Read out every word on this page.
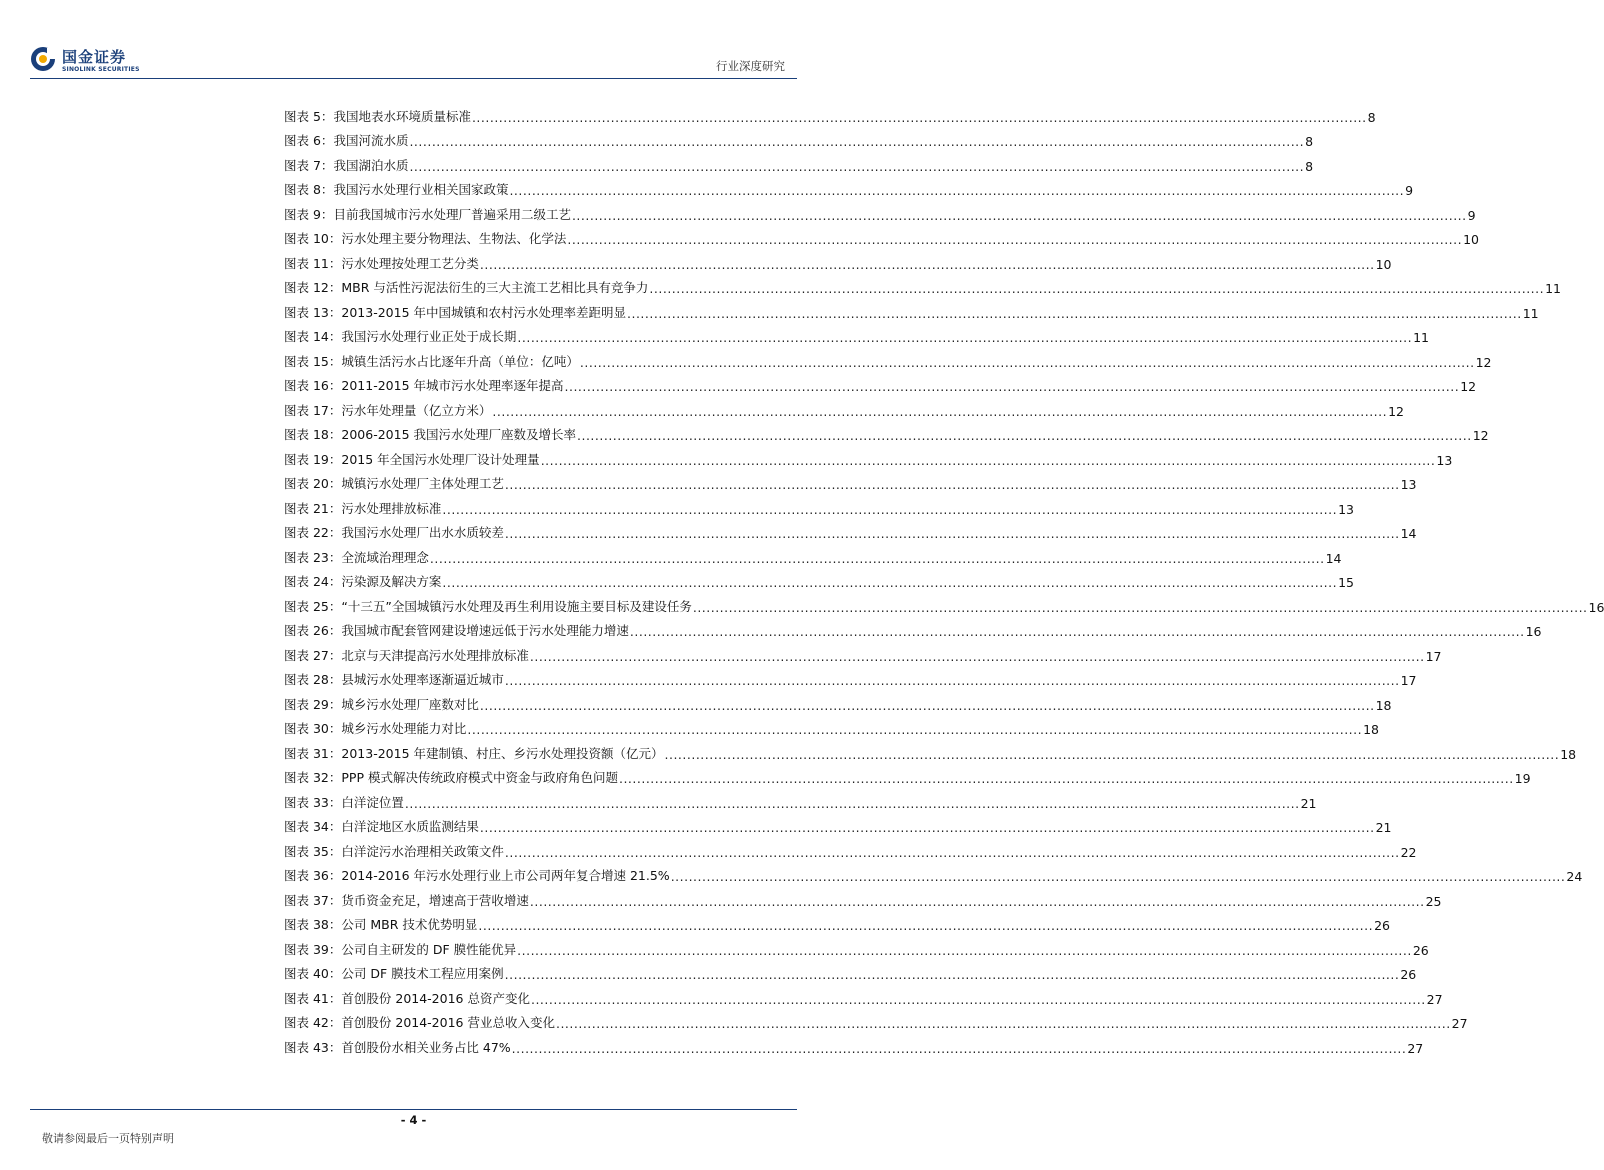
国金证券
SINOLINK SECURITIES	行业深度研究
图表 5： 我国地表水环境质量标准 .....	8
图表 6： 我国河流水质 .....	8
图表 7： 我国湖泊水质 .....	8
图表 8： 我国污水处理行业相关国家政策 .....	9
图表 9： 目前我国城市污水处理厂普遍采用二级工艺 .....	9
图表 10： 污水处理主要分物理法、生物法、化学法 .....	10
图表 11： 污水处理按处理工艺分类 .....	10
图表 12： MBR 与活性污泥法衍生的三大主流工艺相比具有竞争力 .....	11
图表 13： 2013-2015 年中国城镇和农村污水处理率差距明显 .....	11
图表 14： 我国污水处理行业正处于成长期 .....	11
图表 15： 城镇生活污水占比逐年升高（单位：亿吨） .....	12
图表 16： 2011-2015 年城市污水处理率逐年提高 .....	12
图表 17： 污水年处理量（亿立方米） .....	12
图表 18： 2006-2015 我国污水处理厂座数及增长率 .....	12
图表 19： 2015 年全国污水处理厂设计处理量 .....	13
图表 20： 城镇污水处理厂主体处理工艺 .....	13
图表 21： 污水处理排放标准 .....	13
图表 22： 我国污水处理厂出水水质较差 .....	14
图表 23： 全流域治理理念 .....	14
图表 24： 污染源及解决方案 .....	15
图表 25： “十三五”全国城镇污水处理及再生利用设施主要目标及建设任务 .....	16
图表 26： 我国城市配套管网建设增速远低于污水处理能力增速 .....	16
图表 27： 北京与天津提高污水处理排放标准 .....	17
图表 28： 县城污水处理率逐渐逼近城市 .....	17
图表 29： 城乡污水处理厂座数对比 .....	18
图表 30： 城乡污水处理能力对比 .....	18
图表 31： 2013-2015 年建制镇、村庄、乡污水处理投资额（亿元） .....	18
图表 32： PPP 模式解决传统政府模式中资金与政府角色问题 .....	19
图表 33： 白洋淀位置 .....	21
图表 34： 白洋淀地区水质监测结果 .....	21
图表 35： 白洋淀污水治理相关政策文件 .....	22
图表 36： 2014-2016 年污水处理行业上市公司两年复合增速 21.5% .....	24
图表 37： 货币资金充足，增速高于营收增速 .....	25
图表 38： 公司 MBR 技术优势明显 .....	26
图表 39： 公司自主研发的 DF 膜性能优异 .....	26
图表 40： 公司 DF 膜技术工程应用案例 .....	26
图表 41： 首创股份 2014-2016 总资产变化 .....	27
图表 42： 首创股份 2014-2016 营业总收入变化 .....	27
图表 43： 首创股份水相关业务占比 47% .....	27
- 4 -
敬请参阅最后一页特别声明
